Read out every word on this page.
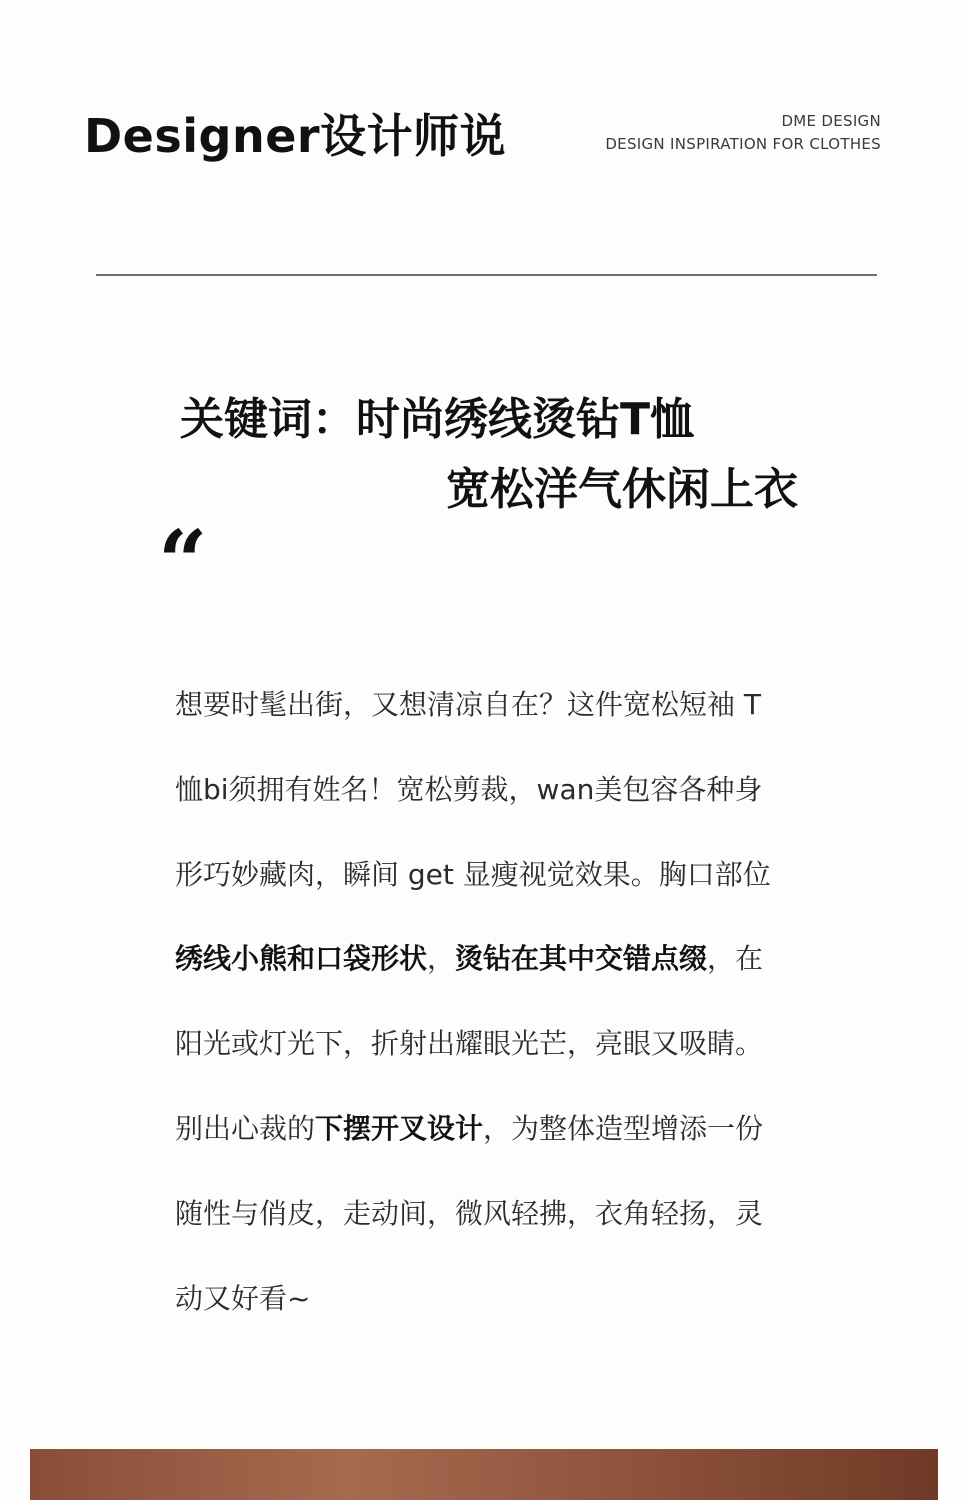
Designer设计师说	DME DESIGN
DESIGN INSPIRATION FOR CLOTHES
关键词：时尚绣线烫钻T恤
宽松洋气休闲上衣
“
想要时髦出街，又想清凉自在？这件宽松短袖 T
恤bi须拥有姓名！宽松剪裁，wan美包容各种身
形巧妙藏肉，瞬间 get 显瘦视觉效果。胸口部位
绣线小熊和口袋形状，烫钻在其中交错点缀，在
阳光或灯光下，折射出耀眼光芒，亮眼又吸睛。
别出心裁的下摆开叉设计，为整体造型增添一份
随性与俏皮，走动间，微风轻拂，衣角轻扬，灵
动又好看~
